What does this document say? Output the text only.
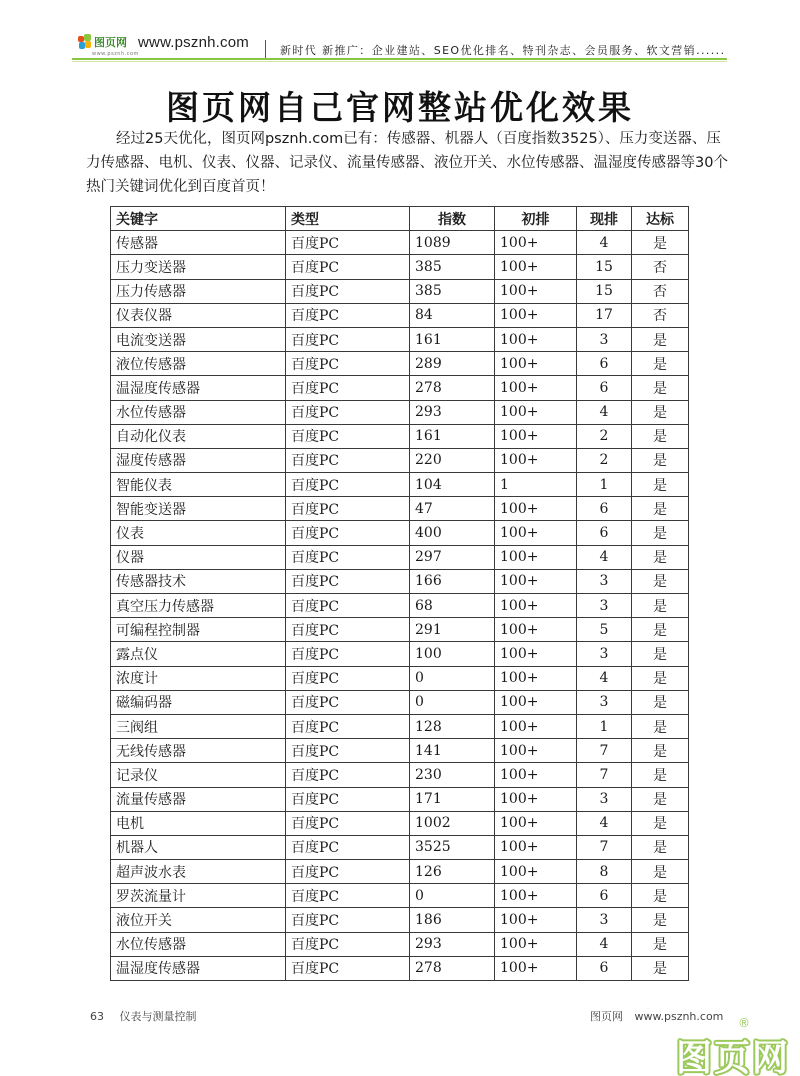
图页网
www.psznh.com
www.psznh.com	新时代 新推广：企业建站、SEO优化排名、特刊杂志、会员服务、软文营销......
图页网自己官网整站优化效果

经过25天优化，图页网psznh.com已有：传感器、机器人（百度指数3525）、压力变送器、压力传感器、电机、仪表、仪器、记录仪、流量传感器、液位开关、水位传感器、温湿度传感器等30个热门关键词优化到百度首页！

关键字	类型	指数	初排	现排	达标
传感器	百度PC	1089	100+	4	是
压力变送器	百度PC	385	100+	15	否
压力传感器	百度PC	385	100+	15	否
仪表仪器	百度PC	84	100+	17	否
电流变送器	百度PC	161	100+	3	是
液位传感器	百度PC	289	100+	6	是
温湿度传感器	百度PC	278	100+	6	是
水位传感器	百度PC	293	100+	4	是
自动化仪表	百度PC	161	100+	2	是
湿度传感器	百度PC	220	100+	2	是
智能仪表	百度PC	104	1	1	是
智能变送器	百度PC	47	100+	6	是
仪表	百度PC	400	100+	6	是
仪器	百度PC	297	100+	4	是
传感器技术	百度PC	166	100+	3	是
真空压力传感器	百度PC	68	100+	3	是
可编程控制器	百度PC	291	100+	5	是
露点仪	百度PC	100	100+	3	是
浓度计	百度PC	0	100+	4	是
磁编码器	百度PC	0	100+	3	是
三阀组	百度PC	128	100+	1	是
无线传感器	百度PC	141	100+	7	是
记录仪	百度PC	230	100+	7	是
流量传感器	百度PC	171	100+	3	是
电机	百度PC	1002	100+	4	是
机器人	百度PC	3525	100+	7	是
超声波水表	百度PC	126	100+	8	是
罗茨流量计	百度PC	0	100+	6	是
液位开关	百度PC	186	100+	3	是
水位传感器	百度PC	293	100+	4	是
温湿度传感器	百度PC	278	100+	6	是
63 仪表与测量控制	图页网 www.psznh.com
图页网
®
